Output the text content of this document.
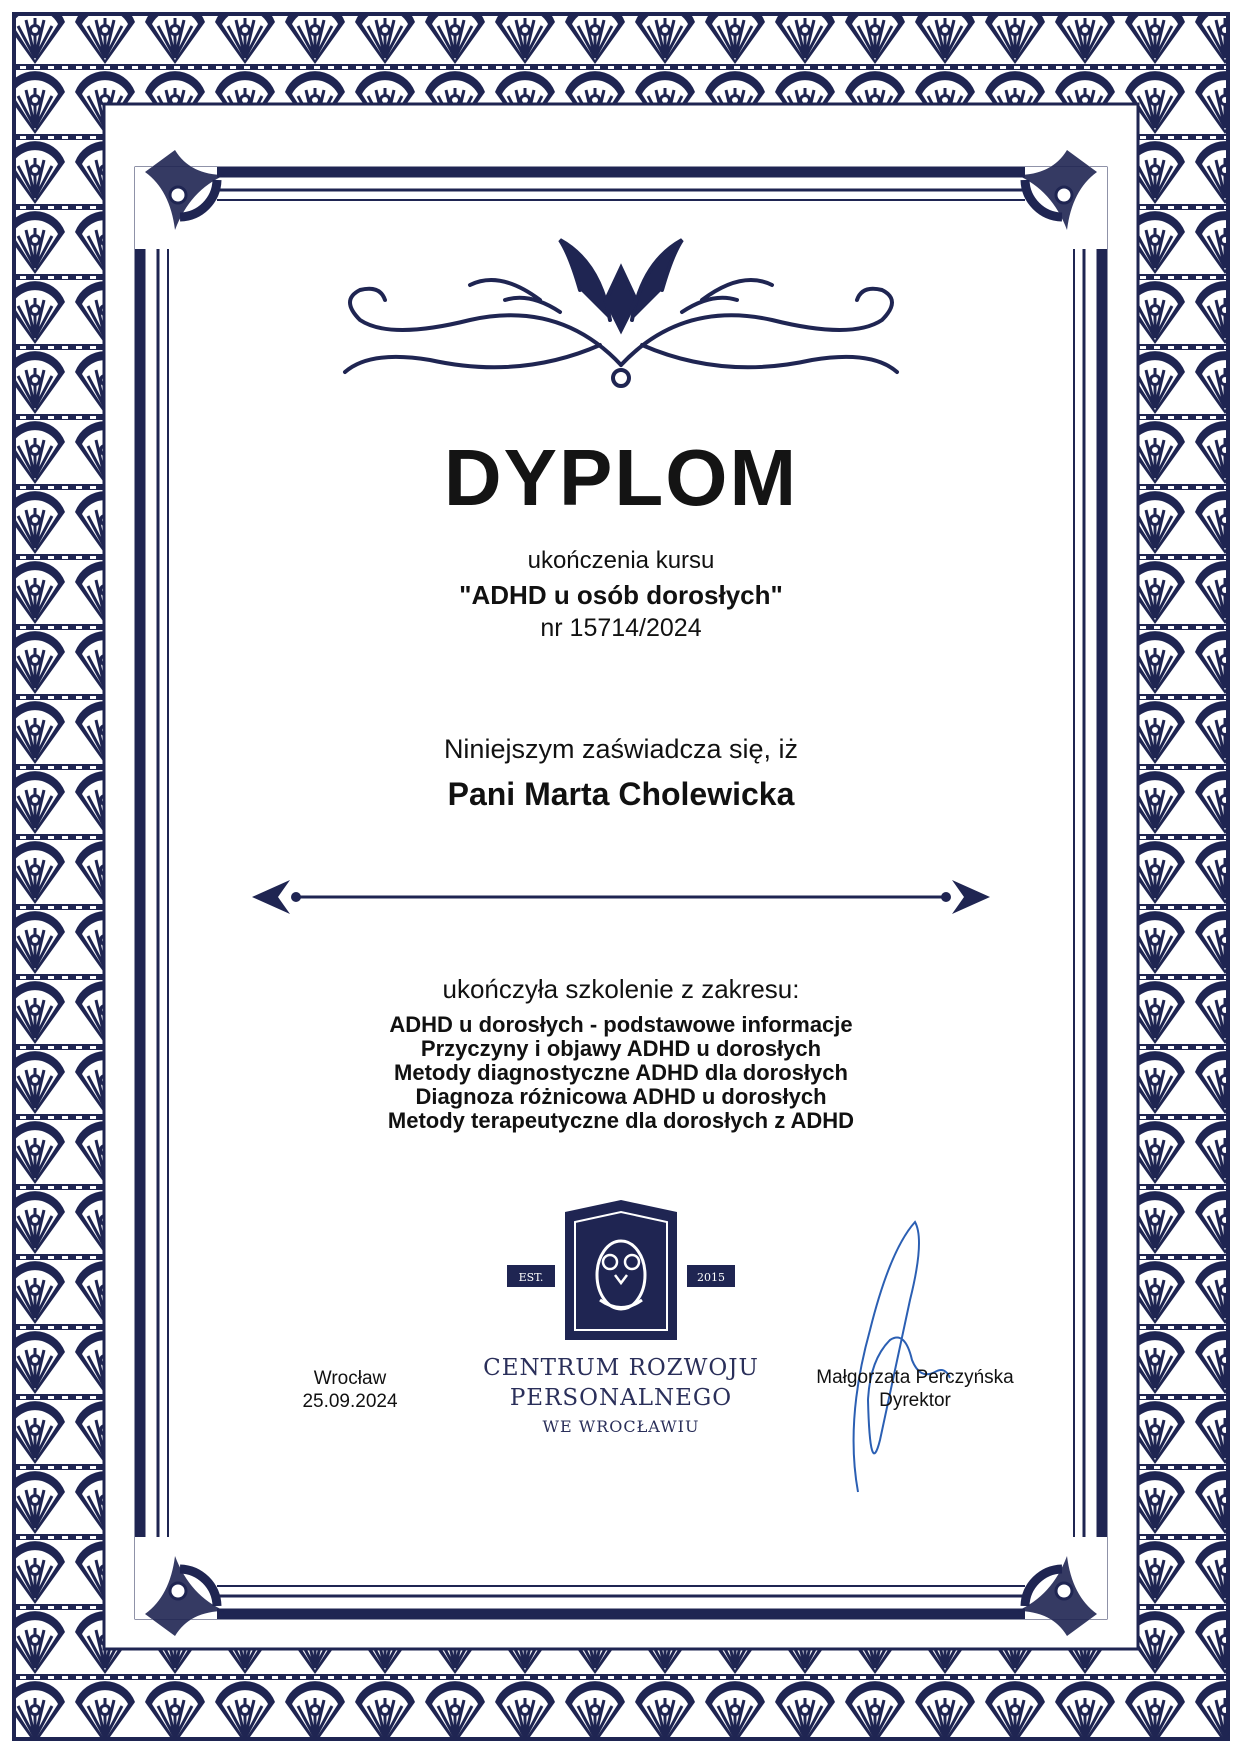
DYPLOM
ukończenia kursu
"ADHD u osób dorosłych"
nr 15714/2024
Niniejszym zaświadcza się, iż
Pani Marta Cholewicka
ukończyła szkolenie z zakresu:
ADHD u dorosłych - podstawowe informacje
Przyczyny i objawy ADHD u dorosłych
Metody diagnostyczne ADHD dla dorosłych
Diagnoza różnicowa ADHD u dorosłych
Metody terapeutyczne dla dorosłych z ADHD
EST.	2015
CENTRUM ROZWOJU
PERSONALNEGO
WE WROCŁAWIU
Wrocław
25.09.2024
Małgorzata Perczyńska
Dyrektor
